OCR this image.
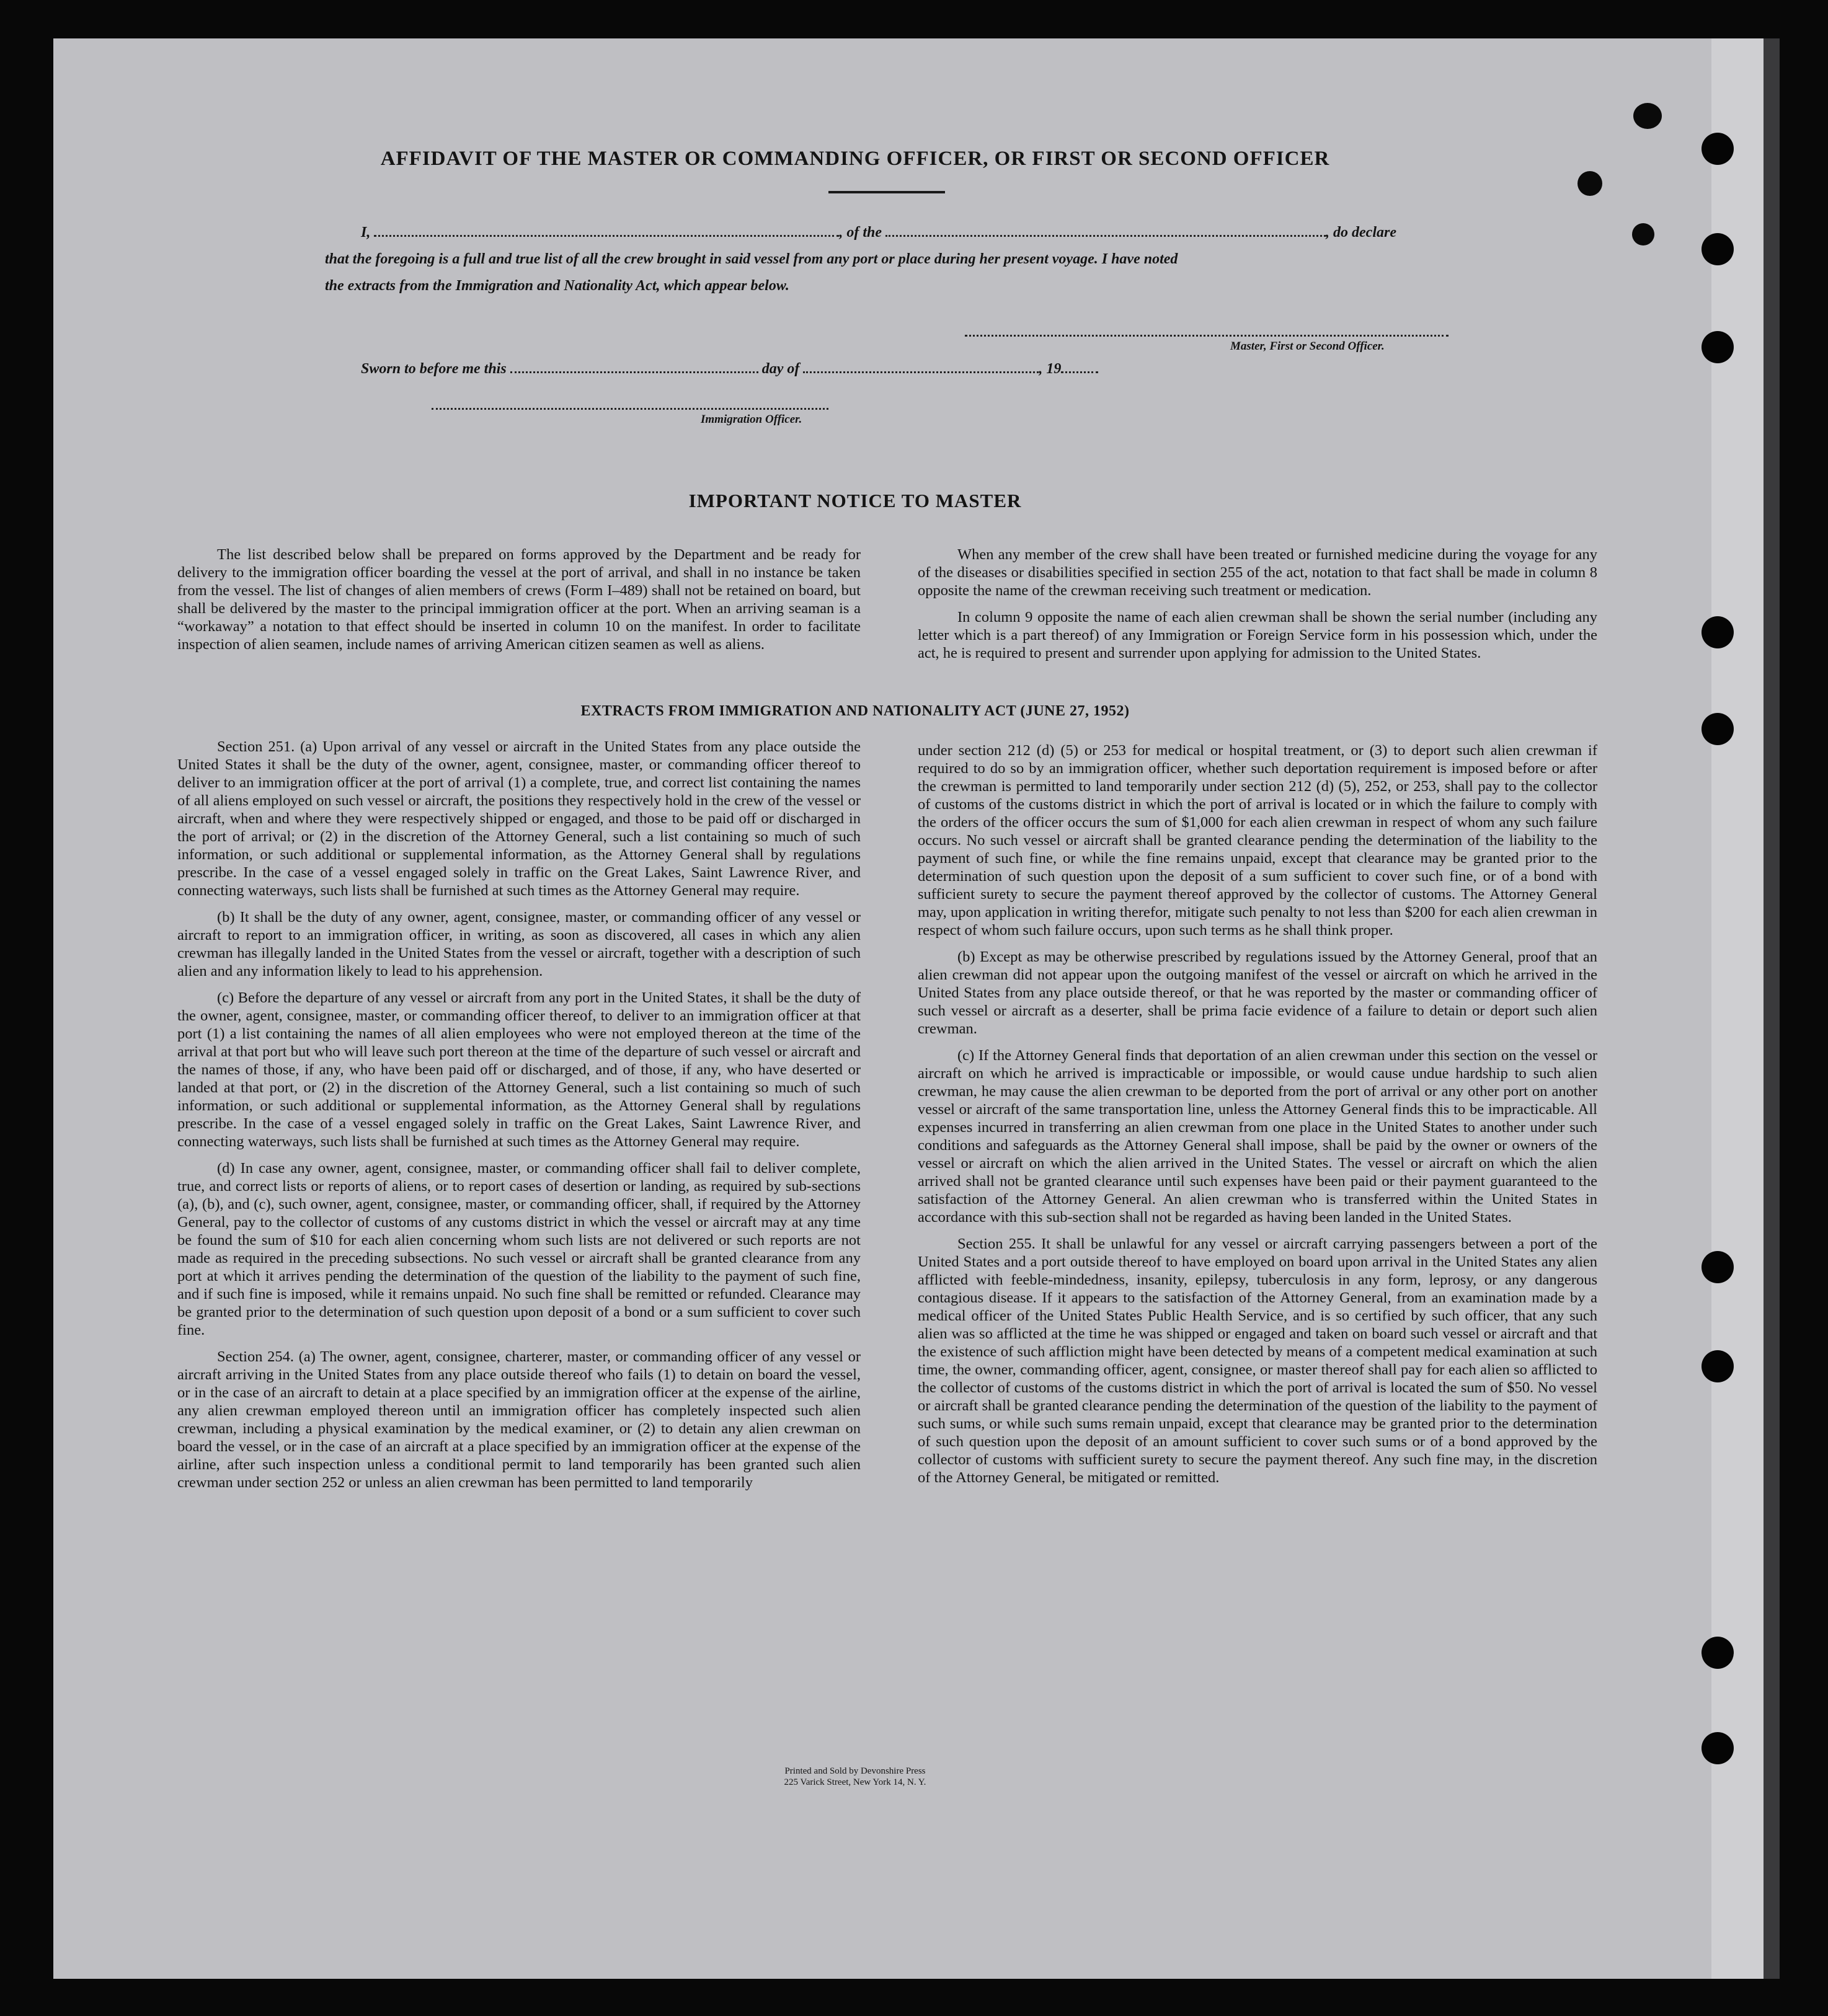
AFFIDAVIT OF THE MASTER OR COMMANDING OFFICER, OR FIRST OR SECOND OFFICER
I,	, of the	, do declare
that the foregoing is a full and true list of all the crew brought in said vessel from any port or place during her present voyage. I have noted
the extracts from the Immigration and Nationality Act, which appear below.
Master, First or Second Officer.
Sworn to before me this	day of	, 19
Immigration Officer.
IMPORTANT NOTICE TO MASTER

The list described below shall be prepared on forms approved by the Department and be ready for delivery to the immigration officer boarding the vessel at the port of arrival, and shall in no instance be taken from the vessel. The list of changes of alien members of crews (Form I–489) shall not be retained on board, but shall be delivered by the master to the principal immigration officer at the port. When an arriving seaman is a “workaway” a notation to that effect should be inserted in column 10 on the manifest. In order to facilitate inspection of alien seamen, include names of arriving American citizen seamen as well as aliens.

When any member of the crew shall have been treated or furnished medicine during the voyage for any of the diseases or disabilities specified in section 255 of the act, notation to that fact shall be made in column 8 opposite the name of the crewman receiving such treatment or medication.

In column 9 opposite the name of each alien crewman shall be shown the serial number (including any letter which is a part thereof) of any Immigration or Foreign Service form in his possession which, under the act, he is required to present and surrender upon applying for admission to the United States.

EXTRACTS FROM IMMIGRATION AND NATIONALITY ACT (JUNE 27, 1952)

Section 251. (a) Upon arrival of any vessel or aircraft in the United States from any place outside the United States it shall be the duty of the owner, agent, consignee, master, or commanding officer thereof to deliver to an immigration officer at the port of arrival (1) a complete, true, and correct list containing the names of all aliens employed on such vessel or aircraft, the positions they respectively hold in the crew of the vessel or aircraft, when and where they were respectively shipped or engaged, and those to be paid off or discharged in the port of arrival; or (2) in the discretion of the Attorney General, such a list containing so much of such information, or such additional or supplemental information, as the Attorney General shall by regulations prescribe. In the case of a vessel engaged solely in traffic on the Great Lakes, Saint Lawrence River, and connecting waterways, such lists shall be furnished at such times as the Attorney General may require.

(b) It shall be the duty of any owner, agent, consignee, master, or commanding officer of any vessel or aircraft to report to an immigration officer, in writing, as soon as discovered, all cases in which any alien crewman has illegally landed in the United States from the vessel or aircraft, together with a description of such alien and any information likely to lead to his apprehension.

(c) Before the departure of any vessel or aircraft from any port in the United States, it shall be the duty of the owner, agent, consignee, master, or commanding officer thereof, to deliver to an immigration officer at that port (1) a list containing the names of all alien employees who were not employed thereon at the time of the arrival at that port but who will leave such port thereon at the time of the departure of such vessel or aircraft and the names of those, if any, who have been paid off or discharged, and of those, if any, who have deserted or landed at that port, or (2) in the discretion of the Attorney General, such a list containing so much of such information, or such additional or supplemental information, as the Attorney General shall by regulations prescribe. In the case of a vessel engaged solely in traffic on the Great Lakes, Saint Lawrence River, and connecting waterways, such lists shall be furnished at such times as the Attorney General may require.

(d) In case any owner, agent, consignee, master, or commanding officer shall fail to deliver complete, true, and correct lists or reports of aliens, or to report cases of desertion or landing, as required by sub-sections (a), (b), and (c), such owner, agent, consignee, master, or commanding officer, shall, if required by the Attorney General, pay to the collector of customs of any customs district in which the vessel or aircraft may at any time be found the sum of $10 for each alien concerning whom such lists are not delivered or such reports are not made as required in the preceding subsections. No such vessel or aircraft shall be granted clearance from any port at which it arrives pending the determination of the question of the liability to the payment of such fine, and if such fine is imposed, while it remains unpaid. No such fine shall be remitted or refunded. Clearance may be granted prior to the determination of such question upon deposit of a bond or a sum sufficient to cover such fine.

Section 254. (a) The owner, agent, consignee, charterer, master, or commanding officer of any vessel or aircraft arriving in the United States from any place outside thereof who fails (1) to detain on board the vessel, or in the case of an aircraft to detain at a place specified by an immigration officer at the expense of the airline, any alien crewman employed thereon until an immigration officer has completely inspected such alien crewman, including a physical examination by the medical examiner, or (2) to detain any alien crewman on board the vessel, or in the case of an aircraft at a place specified by an immigration officer at the expense of the airline, after such inspection unless a conditional permit to land temporarily has been granted such alien crewman under section 252 or unless an alien crewman has been permitted to land temporarily

under section 212 (d) (5) or 253 for medical or hospital treatment, or (3) to deport such alien crewman if required to do so by an immigration officer, whether such deportation requirement is imposed before or after the crewman is permitted to land temporarily under section 212 (d) (5), 252, or 253, shall pay to the collector of customs of the customs district in which the port of arrival is located or in which the failure to comply with the orders of the officer occurs the sum of $1,000 for each alien crewman in respect of whom any such failure occurs. No such vessel or aircraft shall be granted clearance pending the determination of the liability to the payment of such fine, or while the fine remains unpaid, except that clearance may be granted prior to the determination of such question upon the deposit of a sum sufficient to cover such fine, or of a bond with sufficient surety to secure the payment thereof approved by the collector of customs. The Attorney General may, upon application in writing therefor, mitigate such penalty to not less than $200 for each alien crewman in respect of whom such failure occurs, upon such terms as he shall think proper.

(b) Except as may be otherwise prescribed by regulations issued by the Attorney General, proof that an alien crewman did not appear upon the outgoing manifest of the vessel or aircraft on which he arrived in the United States from any place outside thereof, or that he was reported by the master or commanding officer of such vessel or aircraft as a deserter, shall be prima facie evidence of a failure to detain or deport such alien crewman.

(c) If the Attorney General finds that deportation of an alien crewman under this section on the vessel or aircraft on which he arrived is impracticable or impossible, or would cause undue hardship to such alien crewman, he may cause the alien crewman to be deported from the port of arrival or any other port on another vessel or aircraft of the same transportation line, unless the Attorney General finds this to be impracticable. All expenses incurred in transferring an alien crewman from one place in the United States to another under such conditions and safeguards as the Attorney General shall impose, shall be paid by the owner or owners of the vessel or aircraft on which the alien arrived in the United States. The vessel or aircraft on which the alien arrived shall not be granted clearance until such expenses have been paid or their payment guaranteed to the satisfaction of the Attorney General. An alien crewman who is transferred within the United States in accordance with this sub-section shall not be regarded as having been landed in the United States.

Section 255. It shall be unlawful for any vessel or aircraft carrying passengers between a port of the United States and a port outside thereof to have employed on board upon arrival in the United States any alien afflicted with feeble-mindedness, insanity, epilepsy, tuberculosis in any form, leprosy, or any dangerous contagious disease. If it appears to the satisfaction of the Attorney General, from an examination made by a medical officer of the United States Public Health Service, and is so certified by such officer, that any such alien was so afflicted at the time he was shipped or engaged and taken on board such vessel or aircraft and that the existence of such affliction might have been detected by means of a competent medical examination at such time, the owner, commanding officer, agent, consignee, or master thereof shall pay for each alien so afflicted to the collector of customs of the customs district in which the port of arrival is located the sum of $50. No vessel or aircraft shall be granted clearance pending the determination of the question of the liability to the payment of such sums, or while such sums remain unpaid, except that clearance may be granted prior to the determination of such question upon the deposit of an amount sufficient to cover such sums or of a bond approved by the collector of customs with sufficient surety to secure the payment thereof. Any such fine may, in the discretion of the Attorney General, be mitigated or remitted.

Printed and Sold by Devonshire Press
225 Varick Street, New York 14, N. Y.
